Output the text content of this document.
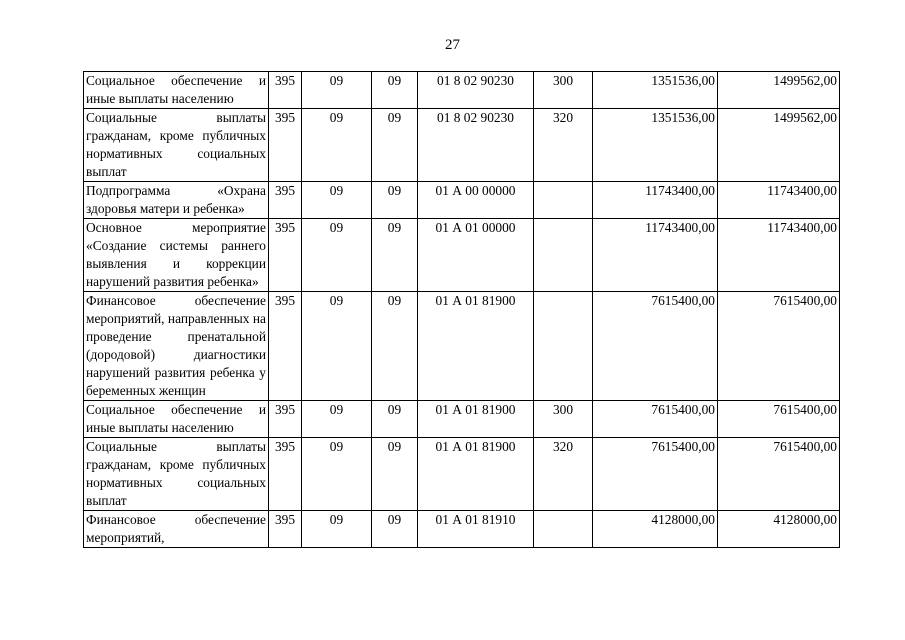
27
Социальное обеспечение и иные выплаты населению	395	09	09	01 8 02 90230	300	1351536,00	1499562,00
Социальные выплаты гражданам, кроме публичных нормативных социальных выплат	395	09	09	01 8 02 90230	320	1351536,00	1499562,00
Подпрограмма «Охрана здоровья матери и ребенка»	395	09	09	01 А 00 00000		11743400,00	11743400,00
Основное мероприятие «Создание системы раннего выявления и коррекции нарушений развития ребенка»	395	09	09	01 А 01 00000		11743400,00	11743400,00
Финансовое обеспечение мероприятий, направленных на проведение пренатальной (дородовой) диагностики нарушений развития ребенка у беременных женщин	395	09	09	01 А 01 81900		7615400,00	7615400,00
Социальное обеспечение и иные выплаты населению	395	09	09	01 А 01 81900	300	7615400,00	7615400,00
Социальные выплаты гражданам, кроме публичных нормативных социальных выплат	395	09	09	01 А 01 81900	320	7615400,00	7615400,00
Финансовое обеспечение мероприятий,	395	09	09	01 А 01 81910		4128000,00	4128000,00
